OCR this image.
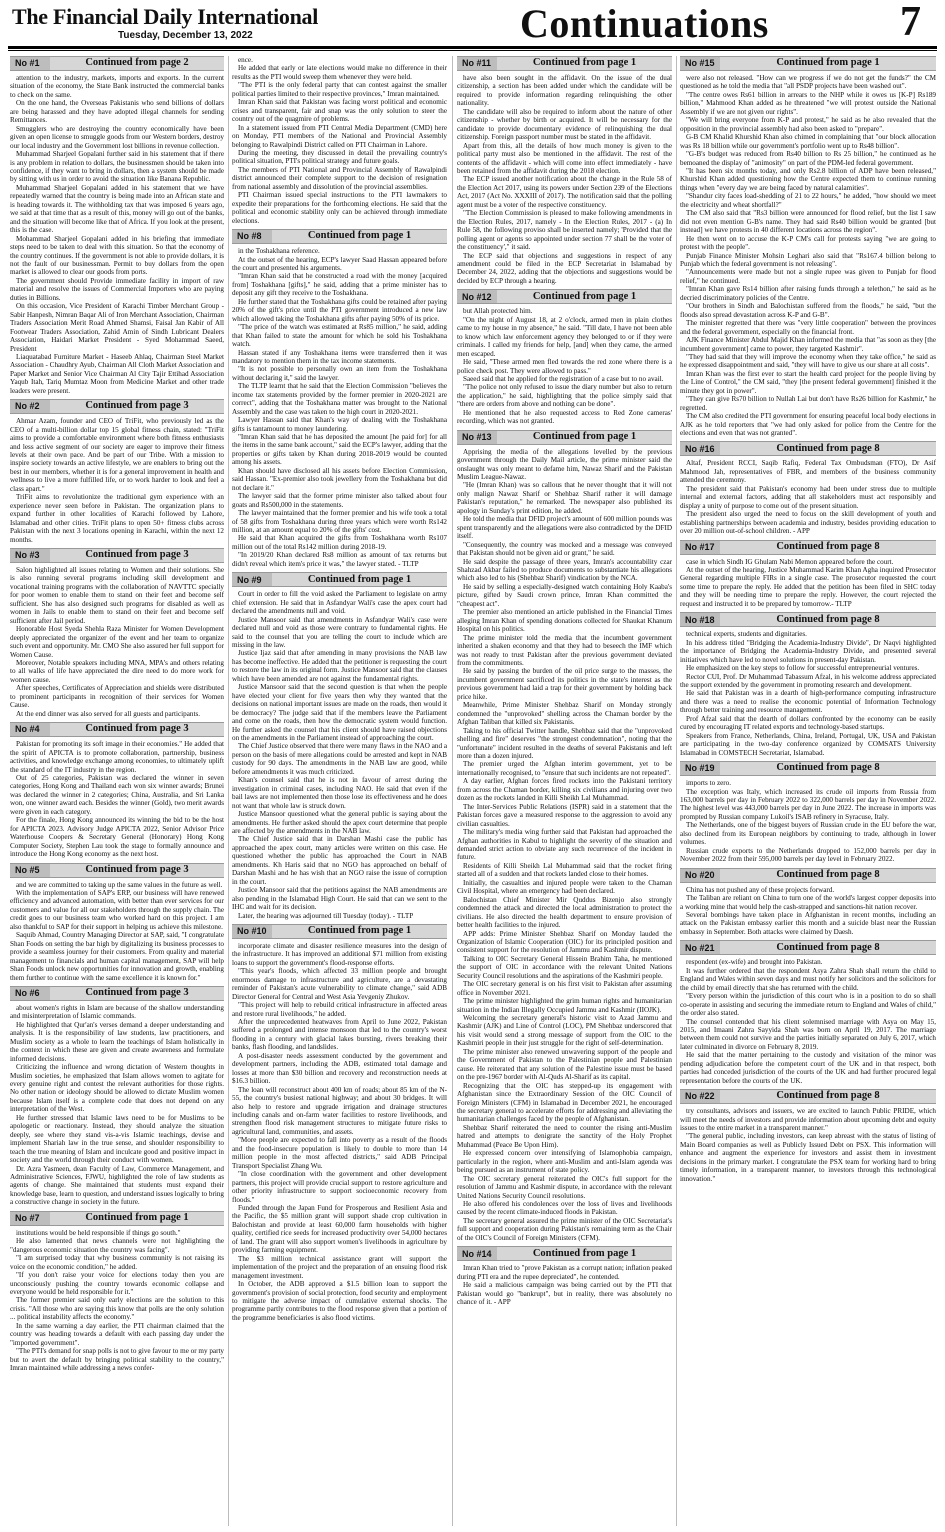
The Financial Daily International
Tuesday, December 13, 2022	Continuations	7
No #1	Continued from page 2

attention to the industry, markets, imports and exports. In the current situation of the economy, the State Bank instructed the commercial banks to check on the same.

On the one hand, the Overseas Pakistanis who send billions of dollars are being harassed and they have adopted illegal channels for sending Remittances.

Smugglers who are destroying the country economically have been given an open license to smuggle goods from our Western borders, destroy our local industry and the Government lost billions in revenue collection.

Muhammad Sharjeel Gopalani further said in his statement that if there is any problem in relation to dollars, the businessmen should be taken into confidence, if they want to bring in dollars, then a system should be made by sitting with us in order to avoid the situation like Banana Republic.

Muhammad Sharjeel Gopalani added in his statement that we have repeatedly warned that the country is being made into an African state and is heading towards it. The withholding tax that was imposed 6 years ago, we said at that time that as a result of this, money will go out of the banks, and the situation will become like that of Africa. If you look at the present, this is the case.

Mohammad Sharjeel Gopalani added in his briefing that immediate steps need to be taken to deal with this situation. So that the economy of the country continues. If the government is not able to provide dollars, it is not the fault of our businessman. Permit to buy dollars from the open market is allowed to clear our goods from ports.

The government should Provide immediate facility in import of raw material and resolve the issues of Commercial Importers who are paying duties in Billions.

On this occasion, Vice President of Karachi Timber Merchant Group - Sabir Hanpesh, Nimran Baqar Ali of Iron Merchant Association, Chairman Traders Association Merit Road Ahmed Shamsi, Faisal Jan Kabir of All Footwear Traders Association, Zahid Amin of Sindh Lubricant Dealers Association, Haidari Market President - Syed Mohammad Saeed, President

Liaquatabad Furniture Market - Haseeb Ahlaq, Chairman Steel Market Association - Chaudhry Ayub, Chairman All Cloth Market Association and Paper Market and Senior Vice Chairman Al City Tajir Ettihad Association Yaqub Itah, Tariq Mumtaz Moon from Medicine Market and other trade leaders were present.

No #2	Continued from page 3

Ahmar Azam, founder and CEO of TriFit, who previously led as the CEO of a multi-billion dollar top 15 global fitness chain, stated: "TriFit aims to provide a comfortable environment where both fitness enthusiasts and less active segment of our society are eager to improve their fitness levels at their own pace. And be part of our Tribe. With a mission to inspire society towards an active lifestyle, we are enablers to bring out the best in our members, whether it is for a general improvement in health and wellness to live a more fulfilled life, or to work harder to look and feel a class apart."

TriFit aims to revolutionize the traditional gym experience with an experience never seen before in Pakistan. The organization plans to expand further in other localities of Karachi followed by Lahore, Islamabad and other cities. TriFit plans to open 50+ fitness clubs across Pakistan with the next 3 locations opening in Karachi, within the next 12 months.

No #3	Continued from page 3

Salon highlighted all issues relating to Women and their solutions. She is also running several programs including skill development and vocational training programs with the collaboration of NAVTTC specially for poor women to enable them to stand on their feet and become self sufficient. She has also designed such programs for disabled as well as women in Jails to enable them to stand on their feet and become self sufficient after Jail period.

Honorable Host Syeda Shehla Raza Minister for Women Development deeply appreciated the organizer of the event and her team to organize such event and opportunity. Mr. CMO She also assured her full support for Women Cause.

Moreover, Notable speakers including MNA, MPA's and others relating to all walks of life have appreciated the dire need to do more work for women cause.

After speeches, Certificates of Appreciation and shields were distributed to prominent participants in recognition of their services for Women Cause.

At the end dinner was also served for all guests and participants.

No #4	Continued from page 3

Pakistan for promoting its soft image in their economies." He added that the spirit of APICTA is to promote collaboration, partnership, business activities, and knowledge exchange among economies, to ultimately uplift the standard of the IT industry in the region.

Out of 25 categories, Pakistan was declared the winner in seven categories, Hong Kong and Thailand each won six winner awards; Brunei was declared the winner in 2 categories; China, Australia, and Sri Lanka won, one winner award each. Besides the winner (Gold), two merit awards were given in each category.

For the finale, Hong Kong announced its winning the bid to be the host for APICTA 2023. Advisory Judge APICTA 2022, Senior Advisor Price Waterhouse Coopers & Secretary General (Honorary) Hong Kong Computer Society, Stephen Lau took the stage to formally announce and introduce the Hong Kong economy as the next host.

No #5	Continued from page 3

and we are committed to taking up the same values in the future as well.

With the implementation of SAP's ERP, our business will have renewed efficiency and advanced automation, with better than ever services for our customers and value for all our stakeholders through the supply chain. The credit goes to our business team who worked hard on this project. I am also thankful to SAP for their support in helping us achieve this milestone.

Saquib Ahmad, Country Managing Director at SAP, said, "I congratulate Shan Foods on setting the bar high by digitalizing its business processes to provide a seamless journey for their customers. From quality and material management to financials and human capital management, SAP will help Shan Foods unlock new opportunities for innovation and growth, enabling them further to continue with the same excellence it is known for."

No #6	Continued from page 3

about women's rights in Islam are because of the shallow understanding and misinterpretation of Islamic commands.

He highlighted that Qur'an's verses demand a deeper understanding and analysis. It is the responsibility of law students, law practitioners, and Muslim society as a whole to learn the teachings of Islam holistically in the context in which these are given and create awareness and formulate informed decisions.

Criticizing the influence and wrong dictation of Western thoughts in Muslim societies, he emphasized that Islam allows women to agitate for every genuine right and contest the relevant authorities for those rights. No other nation or ideology should be allowed to dictate Muslim women because Islam itself is a complete code that does not depend on any interpretation of the West.

He further stressed that Islamic laws need to be for Muslims to be apologetic or reactionary. Instead, they should analyze the situation deeply, see where they stand vis-a-vis Islamic teachings, devise and implement Shariah law in the true sense, and shoulder responsibility to teach the true meaning of Islam and inculcate good and positive impact in society and the world through their conduct with women.

Dr. Azra Yasmeen, dean Faculty of Law, Commerce Management, and Administrative Sciences, FJWU, highlighted the role of law students as agents of change. She maintained that students must expand their knowledge base, learn to question, and understand issues logically to bring a constructive change in society in the future.

No #7	Continued from page 1

institutions would be held responsible if things go south."

He also lamented that news channels were not highlighting the "dangerous economic situation the country was facing".

"I am surprised today that why business community is not raising its voice on the economic condition," he added.

"If you don't raise your voice for elections today then you are unconsciously pushing the country towards economic collapse and everyone would be held responsible for it."

The former premier said only early elections are the solution to this crisis. "All those who are saying this know that polls are the only solution ... political instability affects the economy."

In the same warning a day earlier, the PTI chairman claimed that the country was heading towards a default with each passing day under the "imported government".

"The PTI's demand for snap polls is not to give favour to me or my party but to avert the default by bringing political stability to the country," Imran maintained while addressing a news confer-

ence.

He added that early or late elections would make no difference in their results as the PTI would sweep them whenever they were held.

"The PTI is the only federal party that can contest against the smaller political parties limited to their respective provinces," Imran maintained.

Imran Khan said that Pakistan was facing worst political and economic crises and transparent, fair and snap was the only solution to steer the country out of the quagmire of problems.

In a statement issued from PTI Central Media Department (CMD) here on Monday, PTI members of the National and Provincial Assembly belonging to Rawalpindi District called on PTI Chairman in Lahore.

During the meeting, they discussed in detail the prevailing country's political situation, PTI's political strategy and future goals.

The members of PTI National and Provincial Assembly of Rawalpindi district announced their complete support to the decision of resignation from national assembly and dissolution of the provincial assemblies.

PTI Chairman issued special instructions to the PTI lawmakers to expedite their preparations for the forthcoming elections. He said that the political and economic stability only can be achieved through immediate elections.

No #8	Continued from page 1

in the Toshakhana reference.

At the outset of the hearing, ECP's lawyer Saad Hassan appeared before the court and presented his arguments.

"Imran Khan said that he constructed a road with the money [acquired from] Toshakhana [gifts]," he said, adding that a prime minister has to deposit any gift they receive to the Toshakhana.

He further stated that the Toshakhana gifts could be retained after paying 20% of the gift's price until the PTI government introduced a new law which allowed taking the Toshakhana gifts after paying 50% of its price.

"The price of the watch was estimated at Rs85 million," he said, adding that Khan failed to state the amount for which he sold his Toshakhana watch.

Hassan stated if any Toshakhana items were transferred then it was mandatory to mention them in the tax income statements.

"It is not possible to personally own an item from the Toshakhana without declaring it," said the lawyer.

The TLTP learnt that he said that the Election Commission "believes the income tax statements provided by the former premier in 2020-2021 are correct", adding that the Toshakhana matter was brought to the National Assembly and the case was taken to the high court in 2020-2021.

Lawyer Hassan said that Khan's way of dealing with the Toshakhana gifts is tantamount to money laundering.

"Imran Khan said that he has deposited the amount [he paid for] for all the items in the same bank account," said the ECP's lawyer, adding that the properties or gifts taken by Khan during 2018-2019 would be counted among his assets.

Khan should have disclosed all his assets before Election Commission, said Hassan. "Ex-premier also took jewellery from the Toshakhana but did not declare it."

The lawyer said that the former prime minister also talked about four goats and Rs500,000 in the statements.

The lawyer maintained that the former premier and his wife took a total of 58 gifts from Toshakhana during three years which were worth Rs142 million, at an amount equal to 20% of the gifts' cost.

He said that Khan acquired the gifts from Toshakhana worth Rs107 million out of the total Rs142 million during 2018-19.

"In 2019/20 Khan declared Rs8 million as amount of tax returns but didn't reveal which item's price it was," the lawyer stated. - TLTP

No #9	Continued from page 1

Court in order to fill the void asked the Parliament to legislate on army chief extension. He said that in Asfandyar Wali's case the apex court had declared the amendments null and void.

Justice Mansoor said that amendments in Asfandyar Wali's case were declared null and void as those were contrary to fundamental rights. He said to the counsel that you are telling the court to include which are missing in the law.

Justice Ijaz said that after amending in many provisions the NAB law has become ineffective. He added that the petitioner is requesting the court to restore the law in its original form. Justice Mansoor said that the clauses which have been amended are not against the fundamental rights.

Justice Mansoor said that the second question is that when the people have elected your client for five years then why they wanted that the decisions on national important issues are made on the roads, then would it be democracy? The judge said that if the members leave the Parliament and come on the roads, then how the democratic system would function. He further asked the counsel that his client should have raised objections on the amendments in the Parliament instead of approaching the court.

The Chief Justice observed that there were many flaws in the NAO and a person on the basis of mere allegations could be arrested and kept in NAB custody for 90 days. The amendments in the NAB law are good, while before amendments it was much criticized.

Khan's counsel said that he is not in favour of arrest during the investigation in criminal cases, including NAO. He said that even if the bail laws are not implemented then those lose its effectiveness and he does not want that whole law is struck down.

Justice Mansoor questioned what the general public is saying about the amendments. He further asked should the apex court determine that people are affected by the amendments in the NAB law.

The Chief Justice said that in Darshan Mashi case the public has approached the apex court, many articles were written on this case. He questioned whether the public has approached the Court in NAB amendments. Kh Haris said that no NGO has approached on behalf of Darshan Mashi and he has wish that an NGO raise the issue of corruption in the court.

Justice Mansoor said that the petitions against the NAB amendments are also pending in the Islamabad High Court. He said that can we sent to the IHC and wait for its decision.

Later, the hearing was adjourned till Tuesday (today). - TLTP

No #10	Continued from page 1

incorporate climate and disaster resilience measures into the design of the infrastructure. It has improved an additional $71 million from existing loans to support the government's flood-response efforts.

"This year's floods, which affected 33 million people and brought enormous damage to infrastructure and agriculture, are a devastating reminder of Pakistan's acute vulnerability to climate change," said ADB Director General for Central and West Asia Yevgeniy Zhukov.

"This project will help to rebuild critical infrastructure in affected areas and restore rural livelihoods," he added.

After the unprecedented heatwaves from April to June 2022, Pakistan suffered a prolonged and intense monsoon that led to the country's worst flooding in a century with glacial lakes bursting, rivers breaking their banks, flash flooding, and landslides.

A post-disaster needs assessment conducted by the government and development partners, including the ADB, estimated total damage and losses at more than $30 billion and recovery and reconstruction needs at $16.3 billion.

The loan will reconstruct about 400 km of roads; about 85 km of the N-55, the country's busiest national highway; and about 30 bridges. It will also help to restore and upgrade irrigation and drainage structures including canals and on-farm water facilities to restore livelihoods, and strengthen flood risk management structures to mitigate future risks to agricultural land, communities, and assets.

"More people are expected to fall into poverty as a result of the floods and the food-insecure population is likely to double to more than 14 million people in the most affected districts," said ADB Principal Transport Specialist Zhang Wu.

"In close coordination with the government and other development partners, this project will provide crucial support to restore agriculture and other priority infrastructure to support socioeconomic recovery from floods."

Funded through the Japan Fund for Prosperous and Resilient Asia and the Pacific, the $5 million grant will support shade crop cultivation in Balochistan and provide at least 60,000 farm households with higher quality, certified rice seeds for increased productivity over 54,000 hectares of land. The grant will also support women's livelihoods in agriculture by providing farming equipment.

The $3 million technical assistance grant will support the implementation of the project and the preparation of an ensuing flood risk management investment.

In October, the ADB approved a $1.5 billion loan to support the government's provision of social protection, food security and employment to mitigate the adverse impact of cumulative external shocks. The programme partly contributes to the flood response given that a portion of the programme beneficiaries is also flood victims.

No #11	Continued from page 1

have also been sought in the affidavit. On the issue of the dual citizenship, a section has been added under which the candidate will be required to provide information regarding relinquishing the other nationality.

The candidate will also be required to inform about the nature of other citizenship - whether by birth or acquired. It will be necessary for the candidate to provide documentary evidence of relinquishing the dual citizenship. Foreign passport number must be stated in the affidavit.

Apart from this, all the details of how much money is given to the political party must also be mentioned in the affidavit. The rest of the contents of the affidavit - which will come into effect immediately - have been retained from the affidavit during the 2018 election.

The ECP issued another notification about the change in the Rule 58 of the Election Act 2017, using its powers under Section 239 of the Elections Act, 2017 (Act No. XXXIII of 2017). The notification said that the polling agent must be a voter of the respective constituency.

"The Election Commission is pleased to make following amendments in the Election Rules, 2017, namely - In the Election Rules, 2017 - (a) In Rule 58, the following proviso shall be inserted namely; 'Provided that the polling agent or agents so appointed under section 77 shall be the voter of the constituency'," it said.

The ECP said that objections and suggestions in respect of any amendment could be filed in the ECP Secretariat in Islamabad by December 24, 2022, adding that the objections and suggestions would be decided by ECP through a hearing.

No #12	Continued from page 1

but Allah protected him.

"On the night of August 18, at 2 o'clock, armed men in plain clothes came to my house in my absence," he said. "Till date, I have not been able to know which law enforcement agency they belonged to or if they were criminals. I called my friends for help, [and] when they came, the armed men escaped.

He said, "These armed men fled towards the red zone where there is a police check post. They were allowed to pass."

Saeed said that he applied for the registration of a case but to no avail.

"The police not only refused to issue the diary number but also to return the application," he said, highlighting that the police simply said that "there are orders from above and nothing can be done".

He mentioned that he also requested access to Red Zone cameras' recording, which was not granted.

No #13	Continued from page 1

Apprising the media of the allegations levelled by the previous government through the Daily Mail article, the prime minister said the onslaught was only meant to defame him, Nawaz Sharif and the Pakistan Muslim League-Nawaz.

"He (Imran Khan) was so callous that he never thought that it will not only malign Nawaz Sharif or Shehbaz Sharif rather it will damage Pakistan's reputation," he remarked. The newspaper also published its apology in Sunday's print edition, he added.

He told the media that DFID project's amount of 600 million pounds was spent transparently and the allegations were also contradicted by the DFID itself.

"Consequently, the country was mocked and a message was conveyed that Pakistan should not be given aid or grant," he said.

He said despite the passage of three years, Imran's accountability czar Shahzad Akbar failed to produce documents to substantiate his allegations which also led to his (Shehbaz Sharif) vindication by the NCA.

He said by selling a especially-designed watch containing Holy Kaaba's picture, gifted by Saudi crown prince, Imran Khan committed the "cheapest act".

The premier also mentioned an article published in the Financial Times alleging Imran Khan of spending donations collected for Shaukat Khanum Hospital on his politics.

The prime minister told the media that the incumbent government inherited a shaken economy and that they had to beseech the IMF which was not ready to trust Pakistan after the previous government deviated from the commitments.

He said by passing the burden of the oil price surge to the masses, the incumbent government sacrificed its politics in the state's interest as the previous government had laid a trap for their government by holding back price hike.

Meanwhile, Prime Minister Shehbaz Sharif on Monday strongly condemned the "unprovoked" shelling across the Chaman border by the Afghan Taliban that killed six Pakistanis.

Taking to his official Twitter handle, Shehbaz said that the "unprovoked shelling and fire" deserves "the strongest condemnation", noting that the "unfortunate" incident resulted in the deaths of several Pakistanis and left more than a dozen injured.

The premier urged the Afghan interim government, yet to be internationally recognised, to "ensure that such incidents are not repeated".

A day earlier, Afghan forces fired rockets into the Pakistani territory from across the Chaman border, killing six civilians and injuring over two dozen as the rockets landed in Killi Sheikh Lal Muhammad.

The Inter-Services Public Relations (ISPR) said in a statement that the Pakistan forces gave a measured response to the aggression to avoid any civilian casualties.

The military's media wing further said that Pakistan had approached the Afghan authorities in Kabul to highlight the severity of the situation and demanded strict action to obviate any such recurrence of the incident in future.

Residents of Killi Sheikh Lal Muhammad said that the rocket firing started all of a sudden and that rockets landed close to their homes.

Initially, the casualties and injured people were taken to the Chaman Civil Hospital, where an emergency had been declared.

Balochistan Chief Minister Mir Quddus Bizenjo also strongly condemned the attack and directed the local administration to protect the civilians. He also directed the health department to ensure provision of better health facilities to the injured.

APP adds: Prime Minister Shehbaz Sharif on Monday lauded the Organization of Islamic Cooperation (OIC) for its principled position and consistent support for the resolution of Jammu and Kashmir dispute.

Talking to OIC Secretary General Hissein Brahim Taha, he mentioned the support of OIC in accordance with the relevant United Nations Security Council resolutions and the aspirations of the Kashmiri people.

The OIC secretary general is on his first visit to Pakistan after assuming office in November 2021.

The prime minister highlighted the grim human rights and humanitarian situation in the Indian Illegally Occupied Jammu and Kashmir (IIOJK).

Welcoming the secretary general's historic visit to Azad Jammu and Kashmir (AJK) and Line of Control (LOC), PM Shehbaz underscored that his visit would send a strong message of support from the OIC to the Kashmiri people in their just struggle for the right of self-determination.

The prime minister also renewed unwavering support of the people and the Government of Pakistan to the Palestinian people and Palestinian cause. He reiterated that any solution of the Palestine issue must be based on the pre-1967 border with Al-Quds Al-Sharif as its capital.

Recognizing that the OIC has stepped-up its engagement with Afghanistan since the Extraordinary Session of the OIC Council of Foreign Ministers (CFM) in Islamabad in December 2021, he encouraged the secretary general to accelerate efforts for addressing and alleviating the humanitarian challenges faced by the people of Afghanistan.

Shehbaz Sharif reiterated the need to counter the rising anti-Muslim hatred and attempts to denigrate the sanctity of the Holy Prophet Muhammad (Peace Be Upon Him).

He expressed concern over intensifying of Islamophobia campaign, particularly in the region, where anti-Muslim and anti-Islam agenda was being pursued as an instrument of state policy.

The OIC secretary general reiterated the OIC's full support for the resolution of Jammu and Kashmir dispute, in accordance with the relevant United Nations Security Council resolutions.

He also offered his condolences over the loss of lives and livelihoods caused by the recent climate-induced floods in Pakistan.

The secretary general assured the prime minister of the OIC Secretariat's full support and cooperation during Pakistan's remaining term as the Chair of the OIC's Council of Foreign Ministers (CFM).

No #14	Continued from page 1

Imran Khan tried to "prove Pakistan as a corrupt nation; inflation peaked during PTI era and the rupee depreciated", he contended.

He said a malicious campaign was being carried out by the PTI that Pakistan would go "bankrupt", but in reality, there was absolutely no chance of it. - APP

No #15	Continued from page 1

were also not released. "How can we progress if we do not get the funds?" the CM questioned as he told the media that "all PSDP projects have been washed out".

"The centre owes Rs61 billion in arrears to the NHP while it owes us [K-P] Rs189 billion," Mahmood Khan added as he threatened "we will protest outside the National Assembly if we are not given our rights".

"We will bring everyone from K-P and protest," he said as he also revealed that the opposition in the provincial assembly had also been asked to "prepare".

G-B CM Khalid Khurshid Khan also chimed in complaining that "our block allocation was Rs 18 billion while our government's portfolio went up to Rs48 billion".

"G-B's budget was reduced from Rs40 billion to Rs 25 billion," he continued as he bemoaned the display of "animosity" on part of the PDM-led federal government.

"It has been six months today, and only Rs2.8 billion of ADP have been released," Khurshid Khan added questioning how the Centre expected them to continue running things when "every day we are being faced by natural calamities".

"Shandur city faces load-shedding of 21 to 22 hours," he added, "how should we meet the electricity and wheat shortfall?"

The CM also said that "Rs3 billion were announced for flood relief, but the list I saw did not even mention G-B's name. They had said Rs40 billion would be granted [but instead] we have protests in 40 different locations across the region".

He then went on to accuse the K-P CM's call for protests saying "we are going to protest with the people".

Punjab Finance Minister Mohsin Leghari also said that "Rs167.4 billion belong to Punjab which the federal government is not releasing".

"Announcements were made but not a single rupee was given to Punjab for flood relief," he continued.

"Imran Khan gave Rs14 billion after raising funds through a telethon," he said as he decried discriminatory policies of the Centre.

"Our brothers in Sindh and Balochistan suffered from the floods," he said, "but the floods also spread devastation across K-P and G-B".

The minister regretted that there was "very little cooperation" between the provinces and the federal government, especially on the financial front.

AJK Finance Minister Abdul Majid Khan informed the media that "as soon as they [the incumbent government] came to power, they targeted Kashmir".

"They had said that they will improve the economy when they take office," he said as he expressed disappointment and said, "they will have to give us our share at all costs".

Imran Khan was the first ever to start the health card project for the people living by the Line of Control," the CM said, "they [the present federal government] finished it the minute they got in power".

"They can give Rs70 billion to Nullah Lai but don't have Rs26 billion for Kashmir," he regretted.

The CM also credited the PTI government for ensuring peaceful local body elections in AJK as he told reporters that "we had only asked for police from the Centre for the elections and even that was not granted".

No #16	Continued from page 8

Altaf, President RCCI, Saqib Rafiq, Federal Tax Ombudsman (FTO), Dr Asif Mahmood Jah, representatives of FBR, and members of the business community attended the ceremony.

The president said that Pakistan's economy had been under stress due to multiple internal and external factors, adding that all stakeholders must act responsibly and display a unity of purpose to come out of the present situation.

The president also urged the need to focus on the skill development of youth and establishing partnerships between academia and industry, besides providing education to over 20 million out-of-school children. - APP

No #17	Continued from page 8

case in which Sindh IG Ghulam Nabi Memon appeared before the court.

At the outset of the hearing, Justice Muhammad Karim Khan Agha inquired Prosecutor General regarding multiple FIRs in a single case. The prosecutor requested the court some time to prepare the reply. He added that the petition has been filed in SHC today and they will be needing time to prepare the reply. However, the court rejected the request and instructed it to be prepared by tomorrow.- TLTP

No #18	Continued from page 8

technical experts, students and dignitaries.

In his address titled "Bridging the Academia-Industry Divide", Dr Naqvi highlighted the importance of Bridging the Academia-Industry Divide, and presented several initiatives which have led to novel solutions in present-day Pakistan.

He emphasized on the key steps to follow for successful entrepreneurial ventures.

Rector CUI, Prof. Dr Muhammad Tabassum Afzal, in his welcome address appreciated the support extended by the government in promoting research and development.

He said that Pakistan was in a dearth of high-performance computing infrastructure and there was a need to realise the economic potential of Information Technology through better training and resource management.

Prof Afzal said that the dearth of dollars confronted by the economy can be easily cured by encouraging IT related exports and technology-based startups.

Speakers from France, Netherlands, China, Ireland, Portugal, UK, USA and Pakistan are participating in the two-day conference organized by COMSATS University Islamabad in COMSTECH Secretariat, Islamabad.

No #19	Continued from page 8

imports to zero.

The exception was Italy, which increased its crude oil imports from Russia from 163,000 barrels per day in February 2022 to 322,000 barrels per day in November 2022. The highest level was 443,000 barrels per day in June 2022. The increase in imports was prompted by Russian company Lukoil's ISAB refinery in Syracuse, Italy.

The Netherlands, one of the biggest buyers of Russian crude in the EU before the war, also declined from its European neighbors by continuing to trade, although in lower volumes.

Russian crude exports to the Netherlands dropped to 152,000 barrels per day in November 2022 from their 595,000 barrels per day level in February 2022.

No #20	Continued from page 8

China has not pushed any of these projects forward.

The Taliban are reliant on China to turn one of the world's largest copper deposits into a working mine that would help the cash-strapped and sanctions-hit nation recover.

Several bombings have taken place in Afghanistan in recent months, including an attack on the Pakistan embassy earlier this month and a suicide blast near the Russian embassy in September. Both attacks were claimed by Daesh.

No #21	Continued from page 8

respondent (ex-wife) and brought into Pakistan.

It was further ordered that the respondent Asya Zahra Shah shall return the child to England and Wales within seven days and must notify her solicitors and the solicitors for the child by email directly that she has returned with the child.

"Every person within the jurisdiction of this court who is in a position to do so shall co-operate in assisting and securing the immediate return to England and Wales of child," the order also stated.

The counsel contended that his client solemnised marriage with Asya on May 15, 2015, and Imaani Zahra Sayyida Shah was born on April 19, 2017. The marriage between them could not survive and the parties initially separated on July 6, 2017, which later culminated in divorce on February 8, 2019.

He said that the matter pertaining to the custody and visitation of the minor was pending adjudication before the competent court of the UK and in that respect, both parties had conceded jurisdiction of the courts of the UK and had further procured legal representation before the courts of the UK.

No #22	Continued from page 8

try consultants, advisors and issuers, we are excited to launch Public PRIDE, which will meet the needs of investors and provide information about upcoming debt and equity issues to the entire market in a transparent manner."

"The general public, including investors, can keep abreast with the status of listing of Main Board companies as well as Publicly Issued Debt on PSX. This information will enhance and augment the experience for investors and assist them in investment decisions in the primary market. I congratulate the PSX team for working hard to bring timely information, in a transparent manner, to investors through this technological innovation."
